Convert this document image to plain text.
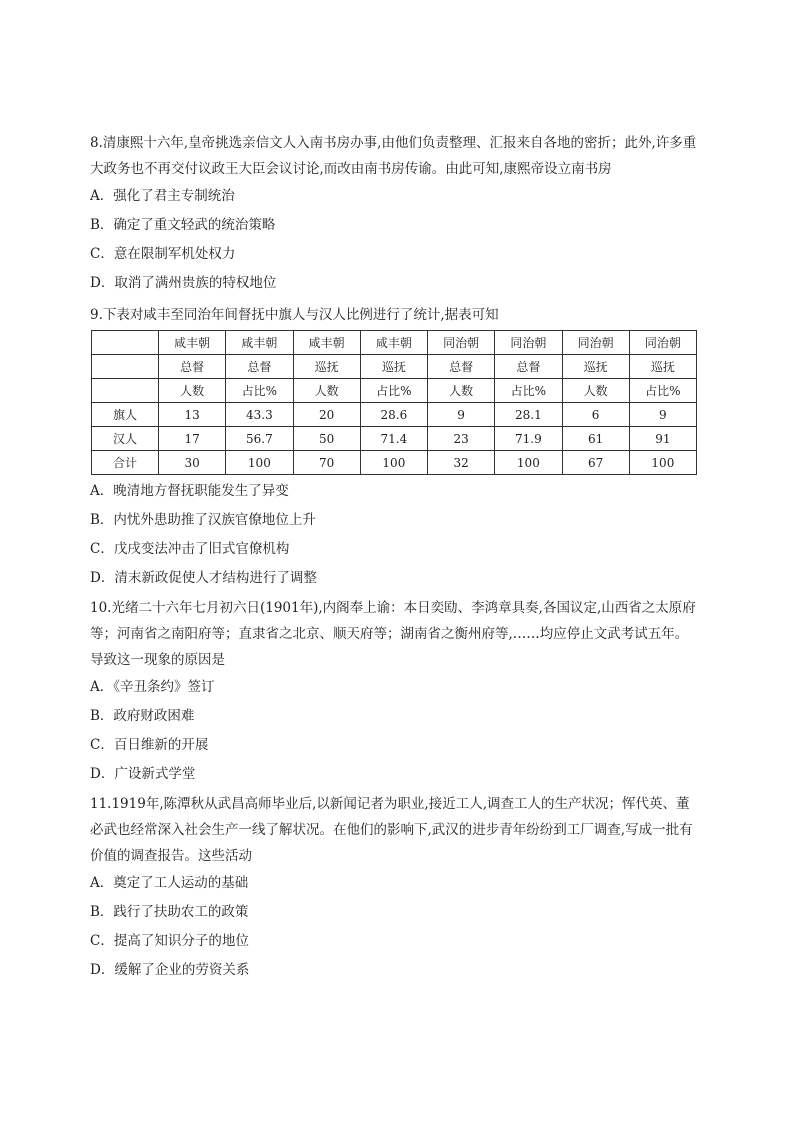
8.清康熙十六年,皇帝挑选亲信文人入南书房办事,由他们负责整理、汇报来自各地的密折；此外,许多重大政务也不再交付议政王大臣会议讨论,而改由南书房传谕。由此可知,康熙帝设立南书房

A．强化了君主专制统治
B．确定了重文轻武的统治策略
C．意在限制军机处权力
D．取消了满州贵族的特权地位

9.下表对咸丰至同治年间督抚中旗人与汉人比例进行了统计,据表可知

	咸丰朝	咸丰朝	咸丰朝	咸丰朝	同治朝	同治朝	同治朝	同治朝
	总督	总督	巡抚	巡抚	总督	总督	巡抚	巡抚
	人数	占比%	人数	占比%	人数	占比%	人数	占比%
旗人	13	43.3	20	28.6	9	28.1	6	9
汉人	17	56.7	50	71.4	23	71.9	61	91
合计	30	100	70	100	32	100	67	100
A．晚清地方督抚职能发生了异变
B．内忧外患助推了汉族官僚地位上升
C．戊戌变法冲击了旧式官僚机构
D．清末新政促使人才结构进行了调整

10.光绪二十六年七月初六日(1901年),内阁奉上谕：本日奕劻、李鸿章具奏,各国议定,山西省之太原府等；河南省之南阳府等；直隶省之北京、顺天府等；湖南省之衡州府等,……均应停止文武考试五年。导致这一现象的原因是

A．《辛丑条约》签订
B．政府财政困难
C．百日维新的开展
D．广设新式学堂

11.1919年,陈潭秋从武昌高师毕业后,以新闻记者为职业,接近工人,调查工人的生产状况；恽代英、董必武也经常深入社会生产一线了解状况。在他们的影响下,武汉的进步青年纷纷到工厂调查,写成一批有价值的调查报告。这些活动

A．奠定了工人运动的基础
B．践行了扶助农工的政策
C．提高了知识分子的地位
D．缓解了企业的劳资关系
